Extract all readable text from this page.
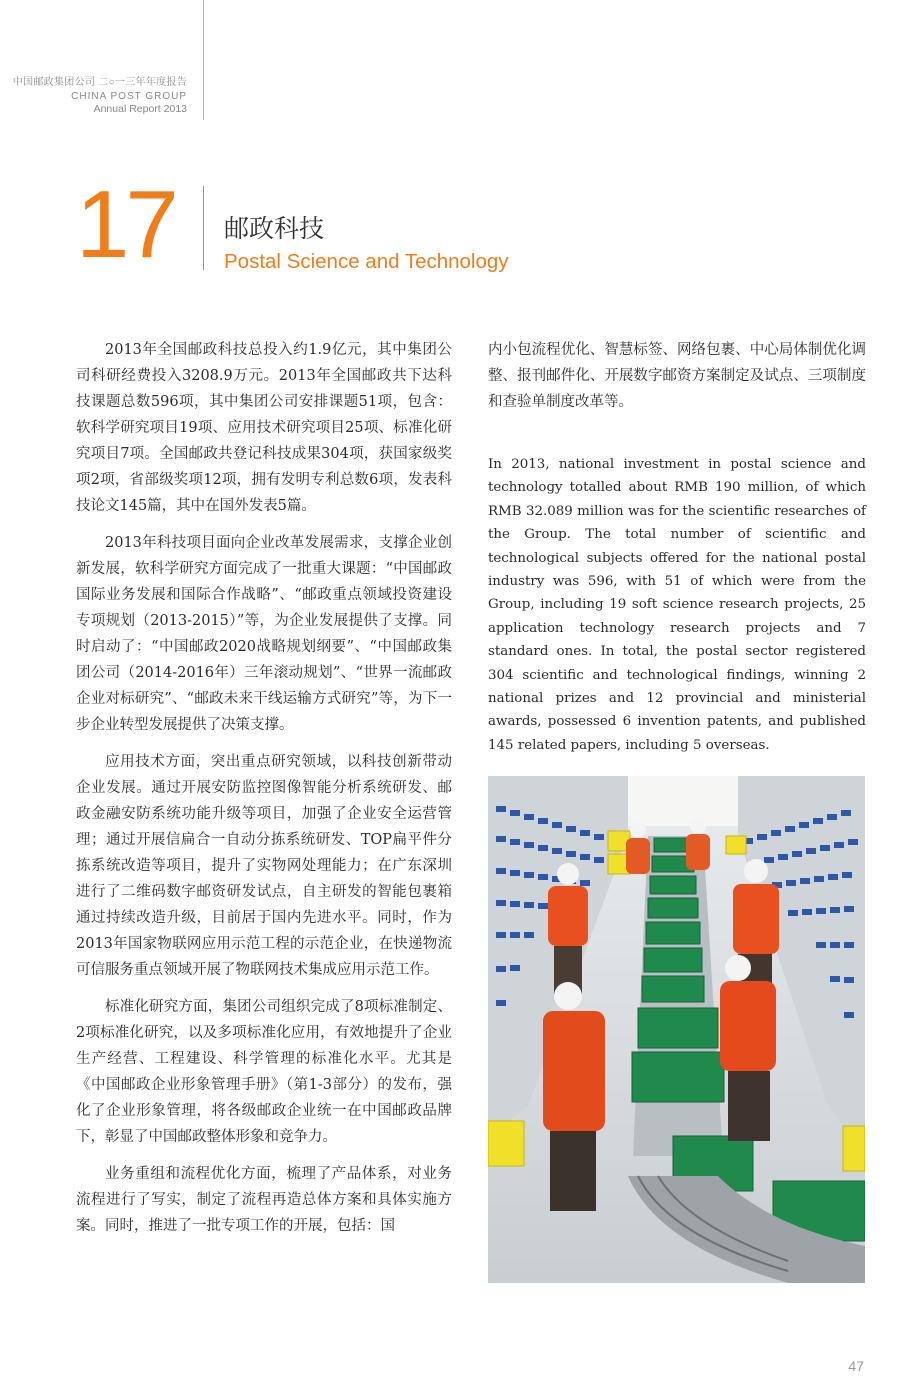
中国邮政集团公司 二○一三年年度报告
CHINA POST GROUP
Annual Report 2013
17 邮政科技
Postal Science and Technology

2013年全国邮政科技总投入约1.9亿元，其中集团公司科研经费投入3208.9万元。2013年全国邮政共下达科技课题总数596项，其中集团公司安排课题51项，包含：软科学研究项目19项、应用技术研究项目25项、标准化研究项目7项。全国邮政共登记科技成果304项，获国家级奖项2项，省部级奖项12项，拥有发明专利总数6项，发表科技论文145篇，其中在国外发表5篇。

2013年科技项目面向企业改革发展需求，支撑企业创新发展，软科学研究方面完成了一批重大课题：“中国邮政国际业务发展和国际合作战略”、“邮政重点领域投资建设专项规划（2013-2015）”等，为企业发展提供了支撑。同时启动了：“中国邮政2020战略规划纲要”、“中国邮政集团公司（2014-2016年）三年滚动规划”、“世界一流邮政企业对标研究”、“邮政未来干线运输方式研究”等，为下一步企业转型发展提供了决策支撑。

应用技术方面，突出重点研究领域，以科技创新带动企业发展。通过开展安防监控图像智能分析系统研发、邮政金融安防系统功能升级等项目，加强了企业安全运营管理；通过开展信扁合一自动分拣系统研发、TOP扁平件分拣系统改造等项目，提升了实物网处理能力；在广东深圳进行了二维码数字邮资研发试点，自主研发的智能包裹箱通过持续改造升级，目前居于国内先进水平。同时，作为2013年国家物联网应用示范工程的示范企业，在快递物流可信服务重点领域开展了物联网技术集成应用示范工作。

标准化研究方面，集团公司组织完成了8项标准制定、2项标准化研究，以及多项标准化应用，有效地提升了企业生产经营、工程建设、科学管理的标准化水平。尤其是《中国邮政企业形象管理手册》（第1-3部分）的发布，强化了企业形象管理，将各级邮政企业统一在中国邮政品牌下，彰显了中国邮政整体形象和竞争力。

业务重组和流程优化方面，梳理了产品体系，对业务流程进行了写实，制定了流程再造总体方案和具体实施方案。同时，推进了一批专项工作的开展，包括：国

内小包流程优化、智慧标签、网络包裹、中心局体制优化调整、报刊邮件化、开展数字邮资方案制定及试点、三项制度和查验单制度改革等。

In 2013, national investment in postal science and technology totalled about RMB 190 million, of which RMB 32.089 million was for the scientific researches of the Group. The total number of scientific and technological subjects offered for the national postal industry was 596, with 51 of which were from the Group, including 19 soft science research projects, 25 application technology research projects and 7 standard ones. In total, the postal sector registered 304 scientific and technological findings, winning 2 national prizes and 12 provincial and ministerial awards, possessed 6 invention patents, and published 145 related papers, including 5 overseas.

47
